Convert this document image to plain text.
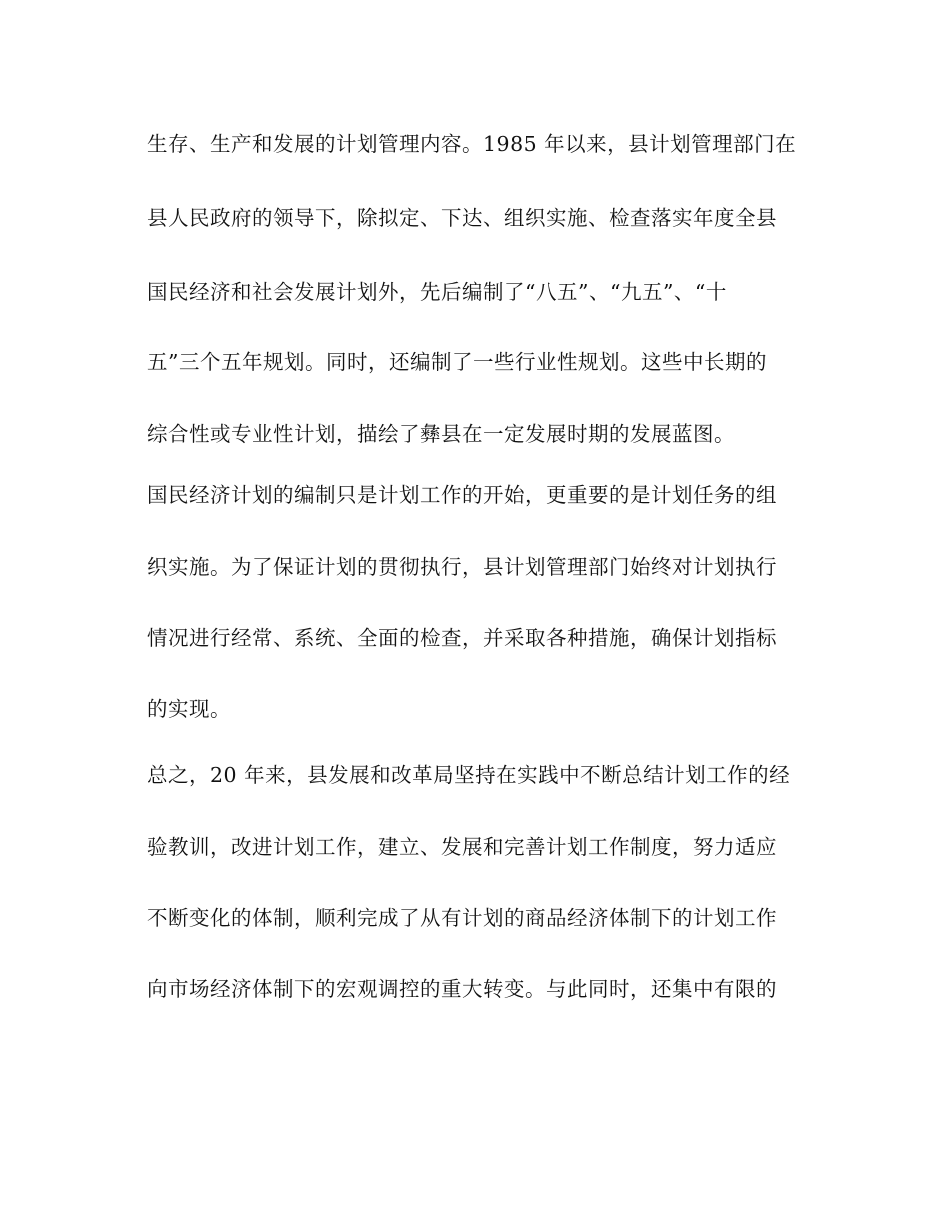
生存、生产和发展的计划管理内容。1985 年以来，县计划管理部门在
县人民政府的领导下，除拟定、下达、组织实施、检查落实年度全县
国民经济和社会发展计划外，先后编制了“八五”、“九五”、“十
五”三个五年规划。同时，还编制了一些行业性规划。这些中长期的
综合性或专业性计划，描绘了彝县在一定发展时期的发展蓝图。
国民经济计划的编制只是计划工作的开始，更重要的是计划任务的组
织实施。为了保证计划的贯彻执行，县计划管理部门始终对计划执行
情况进行经常、系统、全面的检查，并采取各种措施，确保计划指标
的实现。
总之，20 年来，县发展和改革局坚持在实践中不断总结计划工作的经
验教训，改进计划工作，建立、发展和完善计划工作制度，努力适应
不断变化的体制，顺利完成了从有计划的商品经济体制下的计划工作
向市场经济体制下的宏观调控的重大转变。与此同时，还集中有限的
